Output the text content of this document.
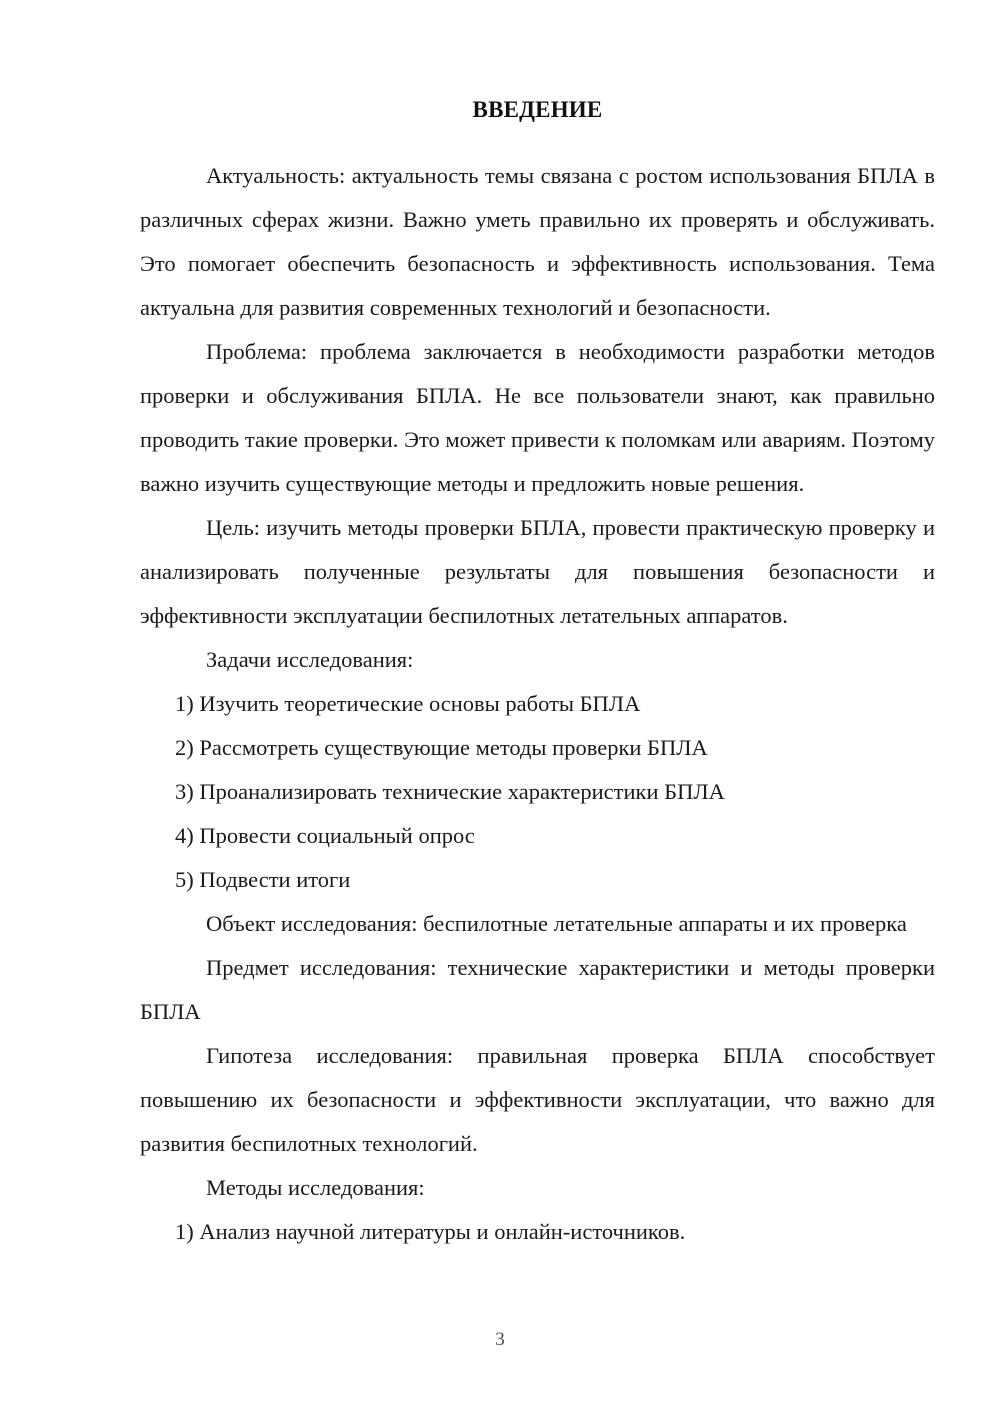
ВВЕДЕНИЕ

Актуальность: актуальность темы связана с ростом использования БПЛА в различных сферах жизни. Важно уметь правильно их проверять и обслуживать. Это помогает обеспечить безопасность и эффективность использования. Тема актуальна для развития современных технологий и безопасности.

Проблема: проблема заключается в необходимости разработки методов проверки и обслуживания БПЛА. Не все пользователи знают, как правильно проводить такие проверки. Это может привести к поломкам или авариям. Поэтому важно изучить существующие методы и предложить новые решения.

Цель: изучить методы проверки БПЛА, провести практическую проверку и анализировать полученные результаты для повышения безопасности и эффективности эксплуатации беспилотных летательных аппаратов.

Задачи исследования:

1) Изучить теоретические основы работы БПЛА
2) Рассмотреть существующие методы проверки БПЛА
3) Проанализировать технические характеристики БПЛА
4) Провести социальный опрос
5) Подвести итоги

Объект исследования: беспилотные летательные аппараты и их проверка

Предмет исследования: технические характеристики и методы проверки БПЛА

Гипотеза исследования: правильная проверка БПЛА способствует повышению их безопасности и эффективности эксплуатации, что важно для развития беспилотных технологий.

Методы исследования:

1) Анализ научной литературы и онлайн-источников.
3
